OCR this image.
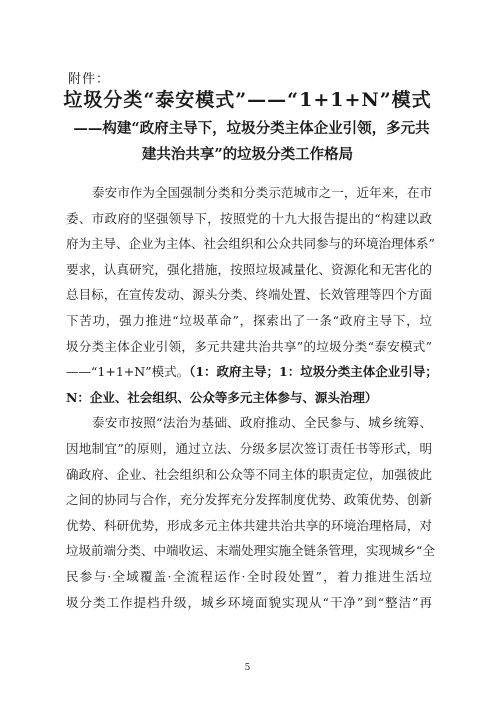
附件：
垃圾分类“泰安模式”——“1+1+N”模式
——构建“政府主导下，垃圾分类主体企业引领，多元共
建共治共享”的垃圾分类工作格局
泰安市作为全国强制分类和分类示范城市之一，近年来，在市
委、市政府的坚强领导下，按照党的十九大报告提出的“构建以政
府为主导、企业为主体、社会组织和公众共同参与的环境治理体系”
要求，认真研究，强化措施，按照垃圾减量化、资源化和无害化的
总目标，在宣传发动、源头分类、终端处置、长效管理等四个方面
下苦功，强力推进“垃圾革命”，探索出了一条“政府主导下，垃
圾分类主体企业引领，多元共建共治共享”的垃圾分类“泰安模式”
——“1+1+N”模式。（1：政府主导；1：垃圾分类主体企业引导；
N：企业、社会组织、公众等多元主体参与、源头治理）
泰安市按照“法治为基础、政府推动、全民参与、城乡统筹、
因地制宜”的原则，通过立法、分级多层次签订责任书等形式，明
确政府、企业、社会组织和公众等不同主体的职责定位，加强彼此
之间的协同与合作，充分发挥充分发挥制度优势、政策优势、创新
优势、科研优势，形成多元主体共建共治共享的环境治理格局，对
垃圾前端分类、中端收运、末端处理实施全链条管理，实现城乡“全
民参与·全域覆盖·全流程运作·全时段处置”，着力推进生活垃
圾分类工作提档升级，城乡环境面貌实现从“干净”到“整洁”再
5
